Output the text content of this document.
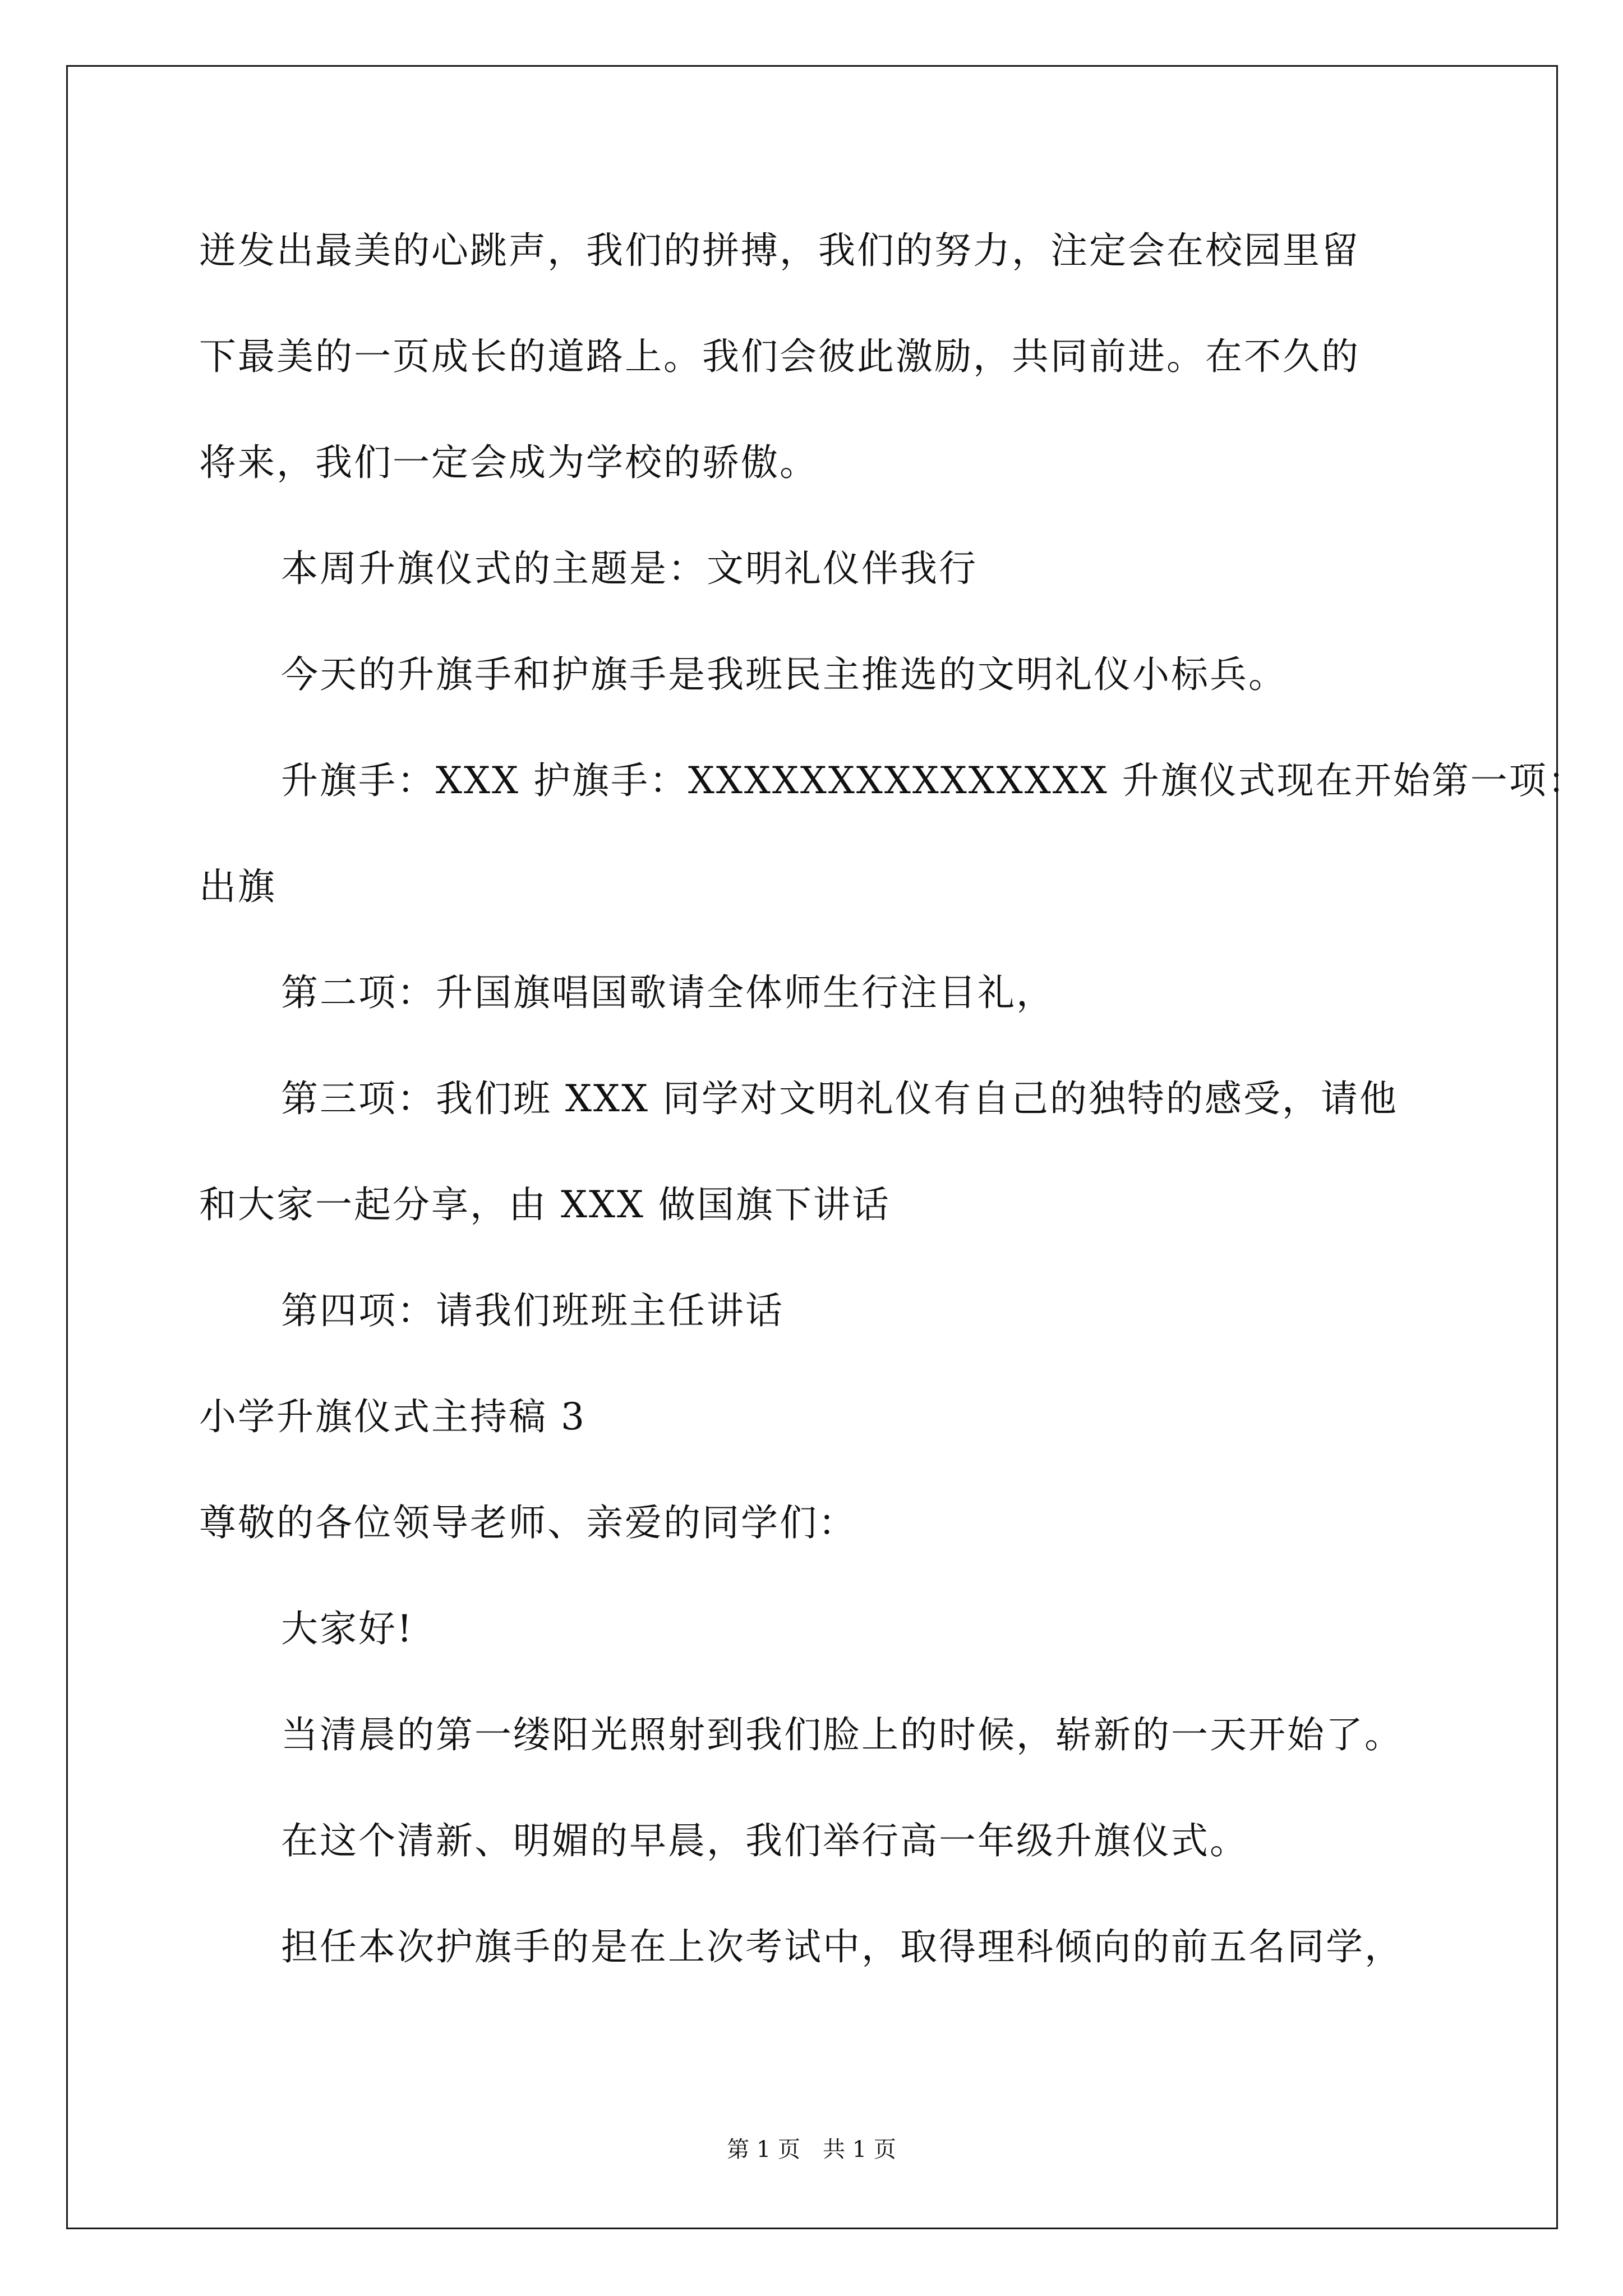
迸发出最美的心跳声，我们的拼搏，我们的努力，注定会在校园里留
下最美的一页成长的道路上。我们会彼此激励，共同前进。在不久的
将来，我们一定会成为学校的骄傲。
本周升旗仪式的主题是：文明礼仪伴我行
今天的升旗手和护旗手是我班民主推选的文明礼仪小标兵。
升旗手：XXX 护旗手：XXXXXXXXXXXXXXX 升旗仪式现在开始第一项：
出旗
第二项：升国旗唱国歌请全体师生行注目礼，
第三项：我们班 XXX 同学对文明礼仪有自己的独特的感受，请他
和大家一起分享，由 XXX 做国旗下讲话
第四项：请我们班班主任讲话
小学升旗仪式主持稿 3
尊敬的各位领导老师、亲爱的同学们：
大家好!
当清晨的第一缕阳光照射到我们脸上的时候，崭新的一天开始了。
在这个清新、明媚的早晨，我们举行高一年级升旗仪式。
担任本次护旗手的是在上次考试中，取得理科倾向的前五名同学，
第 1 页　共 1 页
